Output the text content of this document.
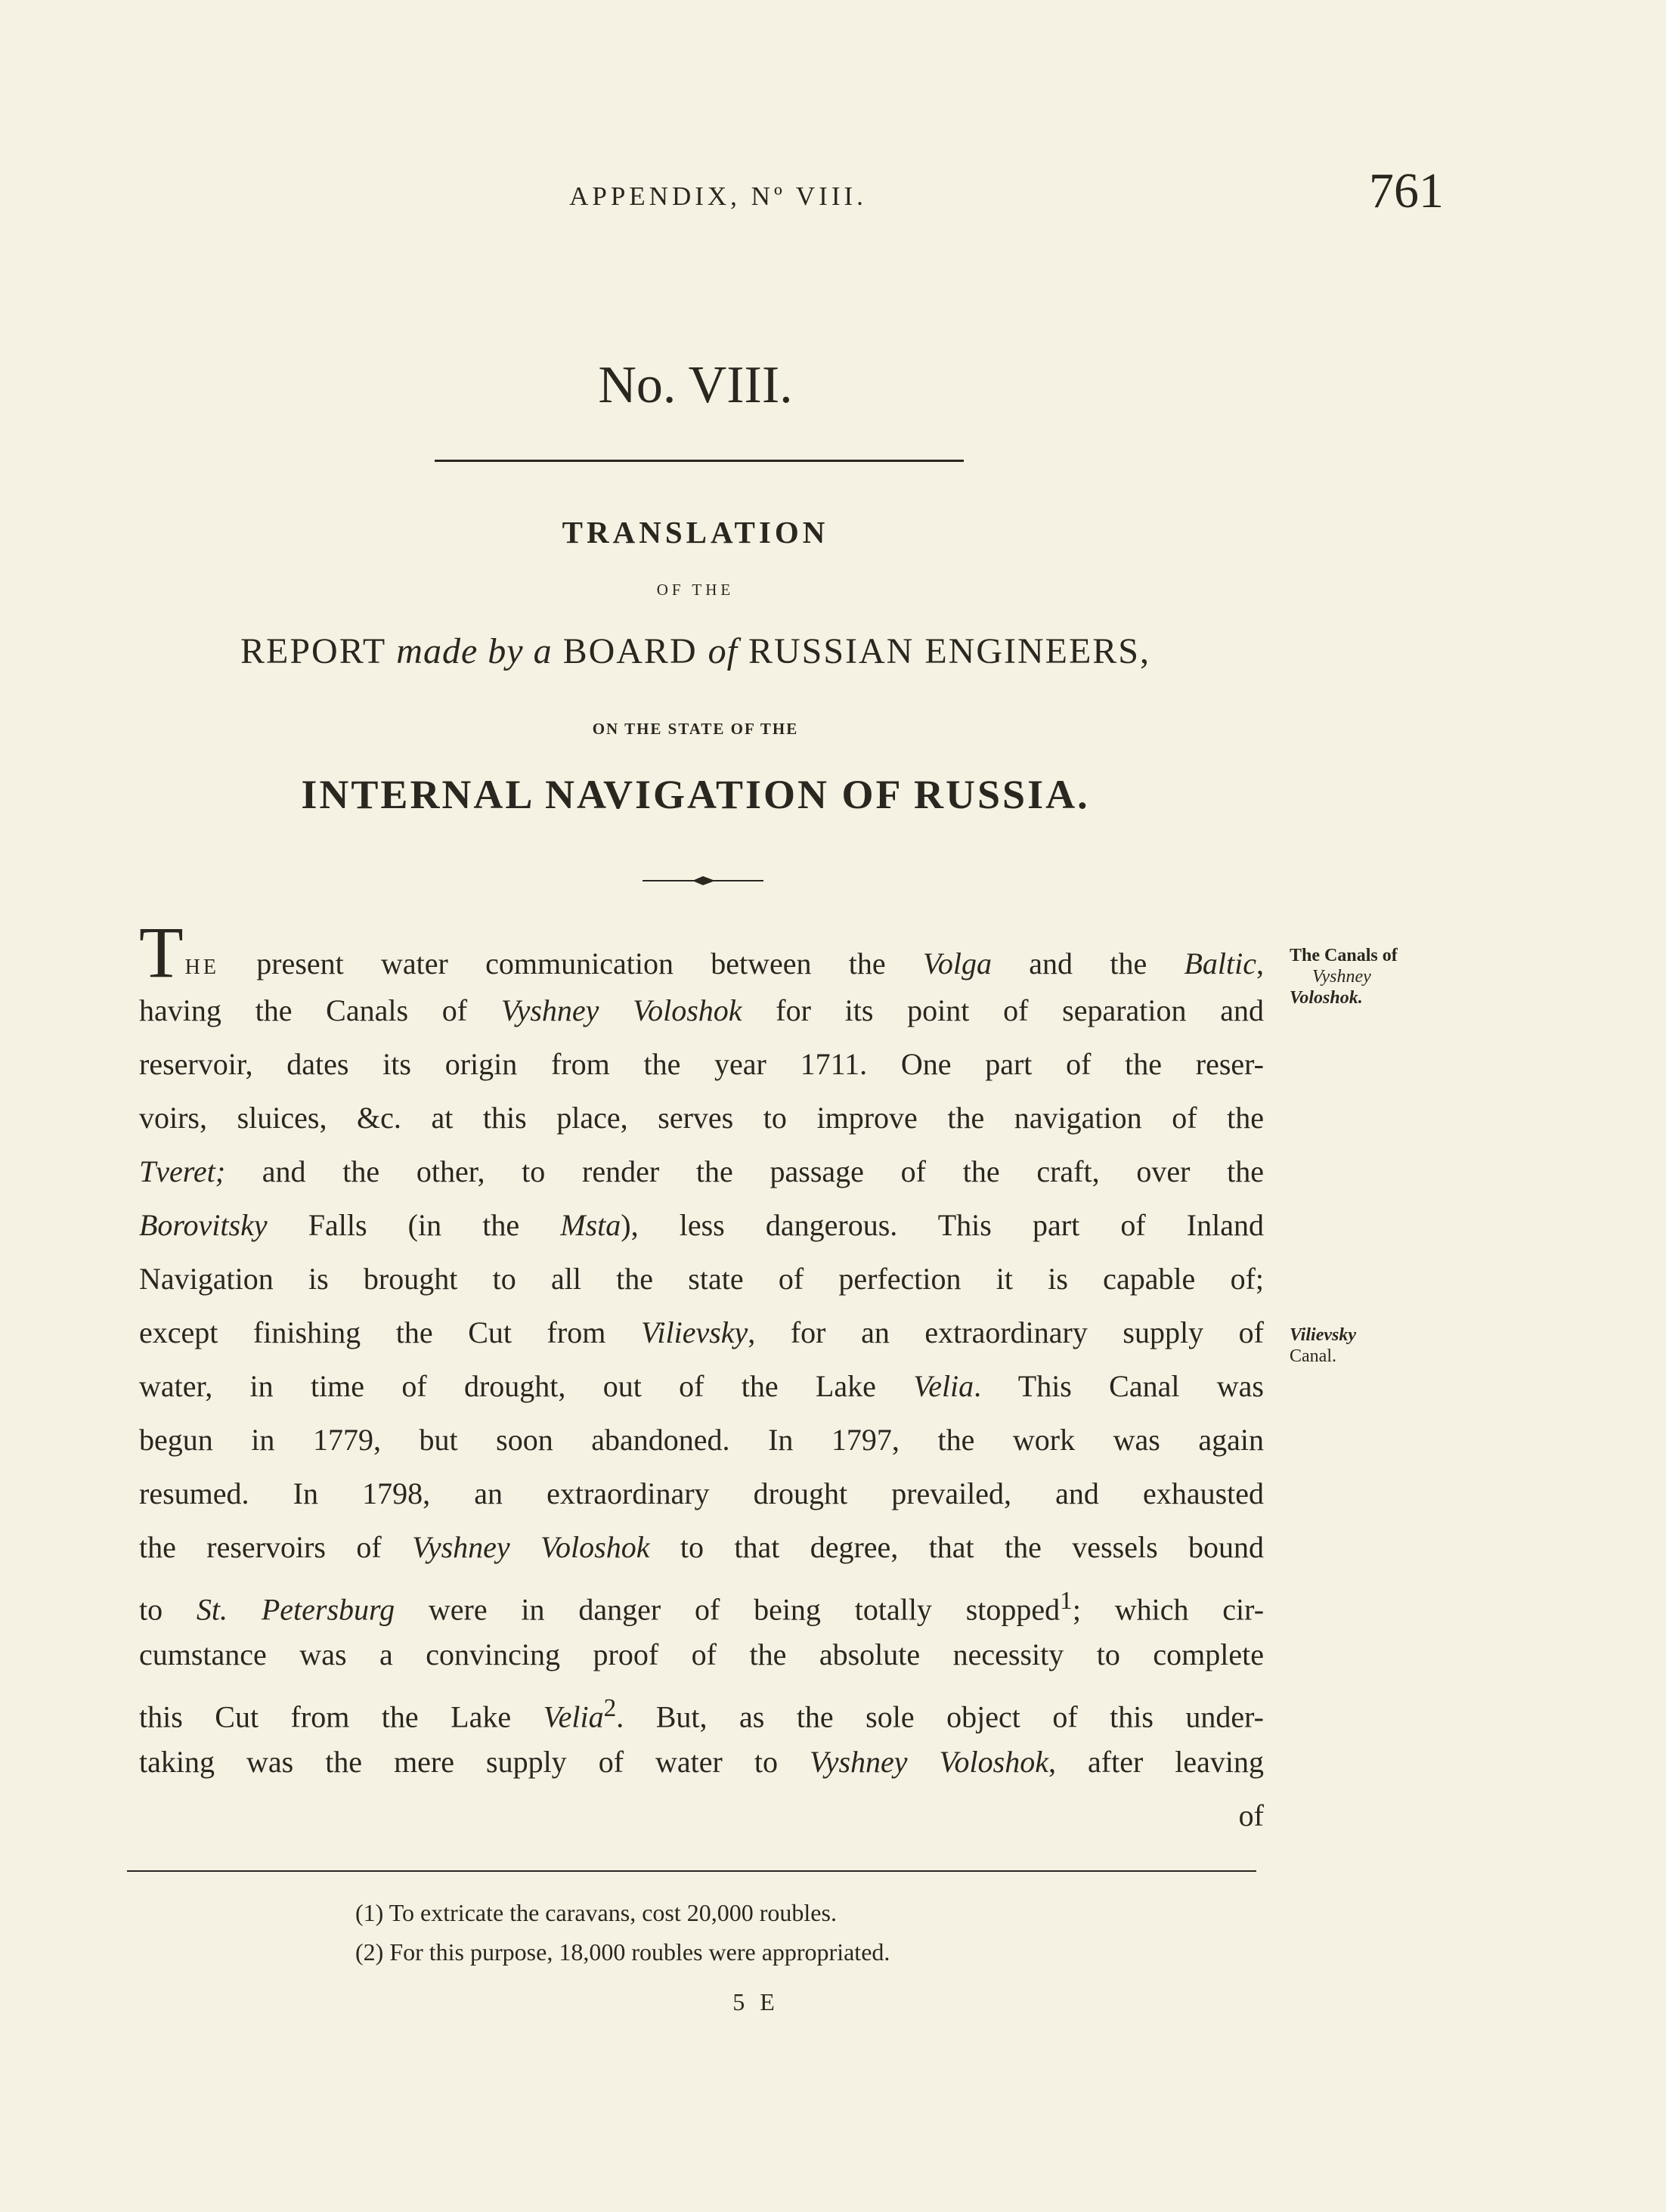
APPENDIX, Nº VIII.	761
No. VIII.
TRANSLATION
OF THE
REPORT made by a BOARD of RUSSIAN ENGINEERS,
ON THE STATE OF THE
INTERNAL NAVIGATION OF RUSSIA.
THE present water communication between the Volga and the Baltic,
having the Canals of Vyshney Voloshok for its point of separation and
reservoir, dates its origin from the year 1711. One part of the reser-
voirs, sluices, &c. at this place, serves to improve the navigation of the
Tveret; and the other, to render the passage of the craft, over the
Borovitsky Falls (in the Msta), less dangerous. This part of Inland
Navigation is brought to all the state of perfection it is capable of;
except finishing the Cut from Vilievsky, for an extraordinary supply of
water, in time of drought, out of the Lake Velia. This Canal was
begun in 1779, but soon abandoned. In 1797, the work was again
resumed. In 1798, an extraordinary drought prevailed, and exhausted
the reservoirs of Vyshney Voloshok to that degree, that the vessels bound
to St. Petersburg were in danger of being totally stopped$^1$; which cir-
cumstance was a convincing proof of the absolute necessity to complete
this Cut from the Lake Velia$^2$. But, as the sole object of this under-
taking was the mere supply of water to Vyshney Voloshok, after leaving
of
The Canals of
Vyshney
Voloshok.
Vilievsky
Canal.
(1) To extricate the caravans, cost 20,000 roubles.
(2) For this purpose, 18,000 roubles were appropriated.
5 E
